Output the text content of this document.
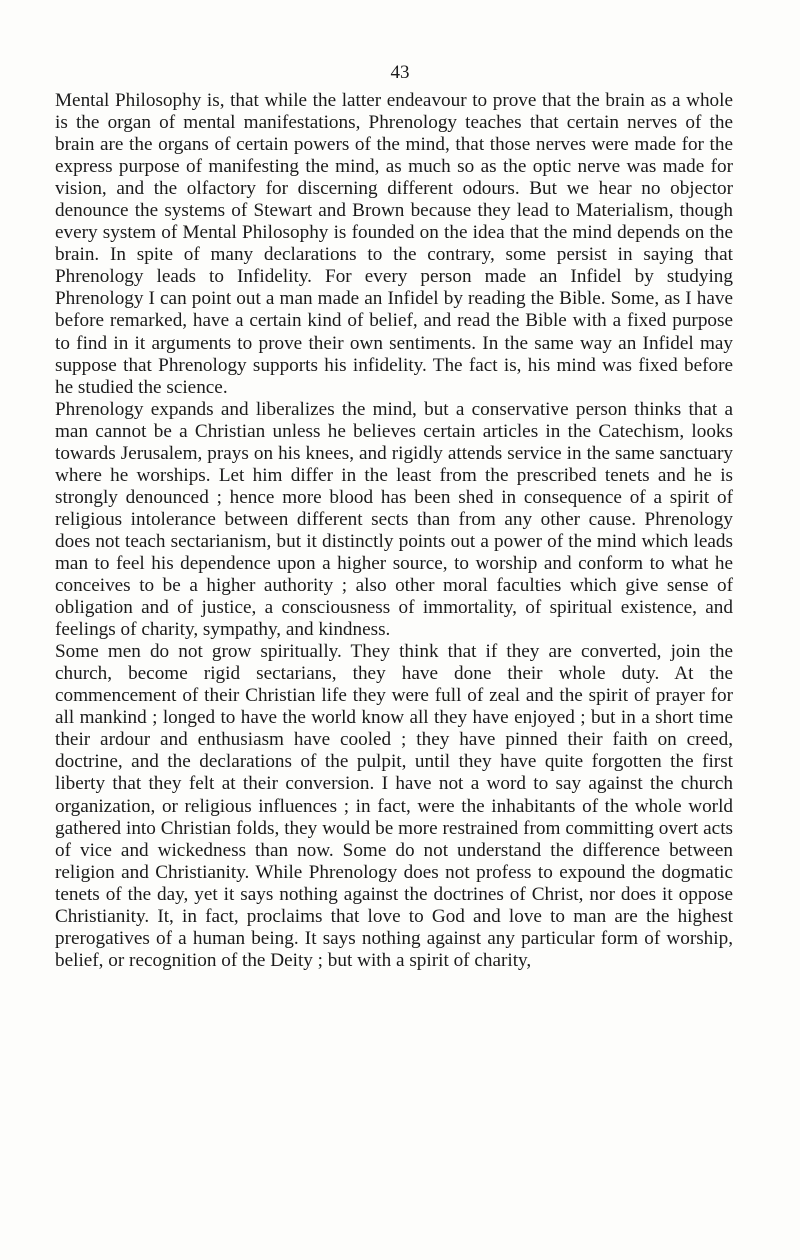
43

Mental Philosophy is, that while the latter endeavour to prove that the brain as a whole is the organ of mental manifestations, Phrenology teaches that certain nerves of the brain are the organs of certain powers of the mind, that those nerves were made for the express purpose of manifesting the mind, as much so as the optic nerve was made for vision, and the olfactory for discerning different odours. But we hear no objector denounce the systems of Stewart and Brown because they lead to Materialism, though every system of Mental Philosophy is founded on the idea that the mind depends on the brain. In spite of many declarations to the contrary, some persist in saying that Phrenology leads to Infidelity. For every person made an Infidel by studying Phrenology I can point out a man made an Infidel by reading the Bible. Some, as I have before remarked, have a certain kind of belief, and read the Bible with a fixed purpose to find in it arguments to prove their own sentiments. In the same way an Infidel may suppose that Phrenology supports his infidelity. The fact is, his mind was fixed before he studied the science.

Phrenology expands and liberalizes the mind, but a conservative person thinks that a man cannot be a Christian unless he believes certain articles in the Catechism, looks towards Jerusalem, prays on his knees, and rigidly attends service in the same sanctuary where he worships. Let him differ in the least from the prescribed tenets and he is strongly denounced ; hence more blood has been shed in consequence of a spirit of religious intolerance between different sects than from any other cause. Phrenology does not teach sectarianism, but it distinctly points out a power of the mind which leads man to feel his dependence upon a higher source, to worship and conform to what he conceives to be a higher authority ; also other moral faculties which give sense of obligation and of justice, a consciousness of immortality, of spiritual existence, and feelings of charity, sympathy, and kindness.

Some men do not grow spiritually. They think that if they are converted, join the church, become rigid sectarians, they have done their whole duty. At the commencement of their Christian life they were full of zeal and the spirit of prayer for all mankind ; longed to have the world know all they have enjoyed ; but in a short time their ardour and enthusiasm have cooled ; they have pinned their faith on creed, doctrine, and the declarations of the pulpit, until they have quite forgotten the first liberty that they felt at their conversion. I have not a word to say against the church organization, or religious influences ; in fact, were the inhabitants of the whole world gathered into Christian folds, they would be more restrained from committing overt acts of vice and wickedness than now. Some do not understand the difference between religion and Christianity. While Phrenology does not profess to expound the dogmatic tenets of the day, yet it says nothing against the doctrines of Christ, nor does it oppose Christianity. It, in fact, proclaims that love to God and love to man are the highest prerogatives of a human being. It says nothing against any particular form of worship, belief, or recognition of the Deity ; but with a spirit of charity,
